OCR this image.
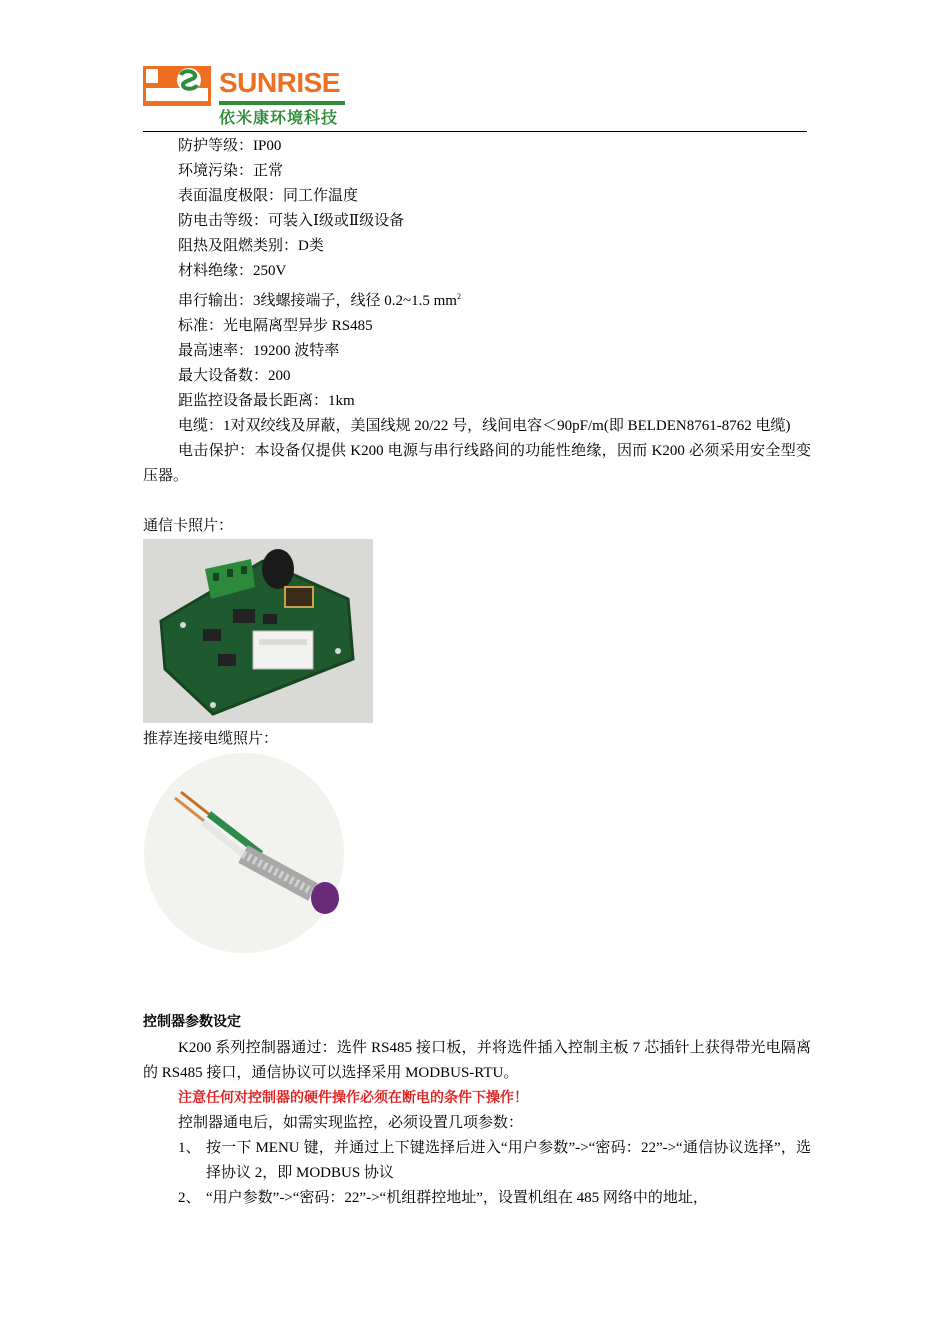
SUNRISE
依米康环境科技
防护等级：IP00
环境污染：正常
表面温度极限：同工作温度
防电击等级：可装入Ⅰ级或Ⅱ级设备
阻热及阻燃类别：D类
材料绝缘：250V
串行输出：3线螺接端子，线径 0.2~1.5 $mm^2$
标准：光电隔离型异步 RS485
最高速率：19200 波特率
最大设备数：200
距监控设备最长距离：1km
电缆：1对双绞线及屏蔽，美国线规 20/22 号，线间电容＜90pF/m(即 BELDEN8761-8762 电缆)
电击保护：本设备仅提供 K200 电源与串行线路间的功能性绝缘，因而 K200 必须采用安全型变压器。
通信卡照片：
推荐连接电缆照片：
控制器参数设定
K200 系列控制器通过：选件 RS485 接口板，并将选件插入控制主板 7 芯插针上获得带光电隔离的 RS485 接口，通信协议可以选择采用 MODBUS-RTU。
注意任何对控制器的硬件操作必须在断电的条件下操作！
控制器通电后，如需实现监控，必须设置几项参数：
1、 按一下 MENU 键，并通过上下键选择后进入“用户参数”->“密码：22”->“通信协议选择”，选择协议 2，即 MODBUS 协议
2、 “用户参数”->“密码：22”->“机组群控地址”，设置机组在 485 网络中的地址，
